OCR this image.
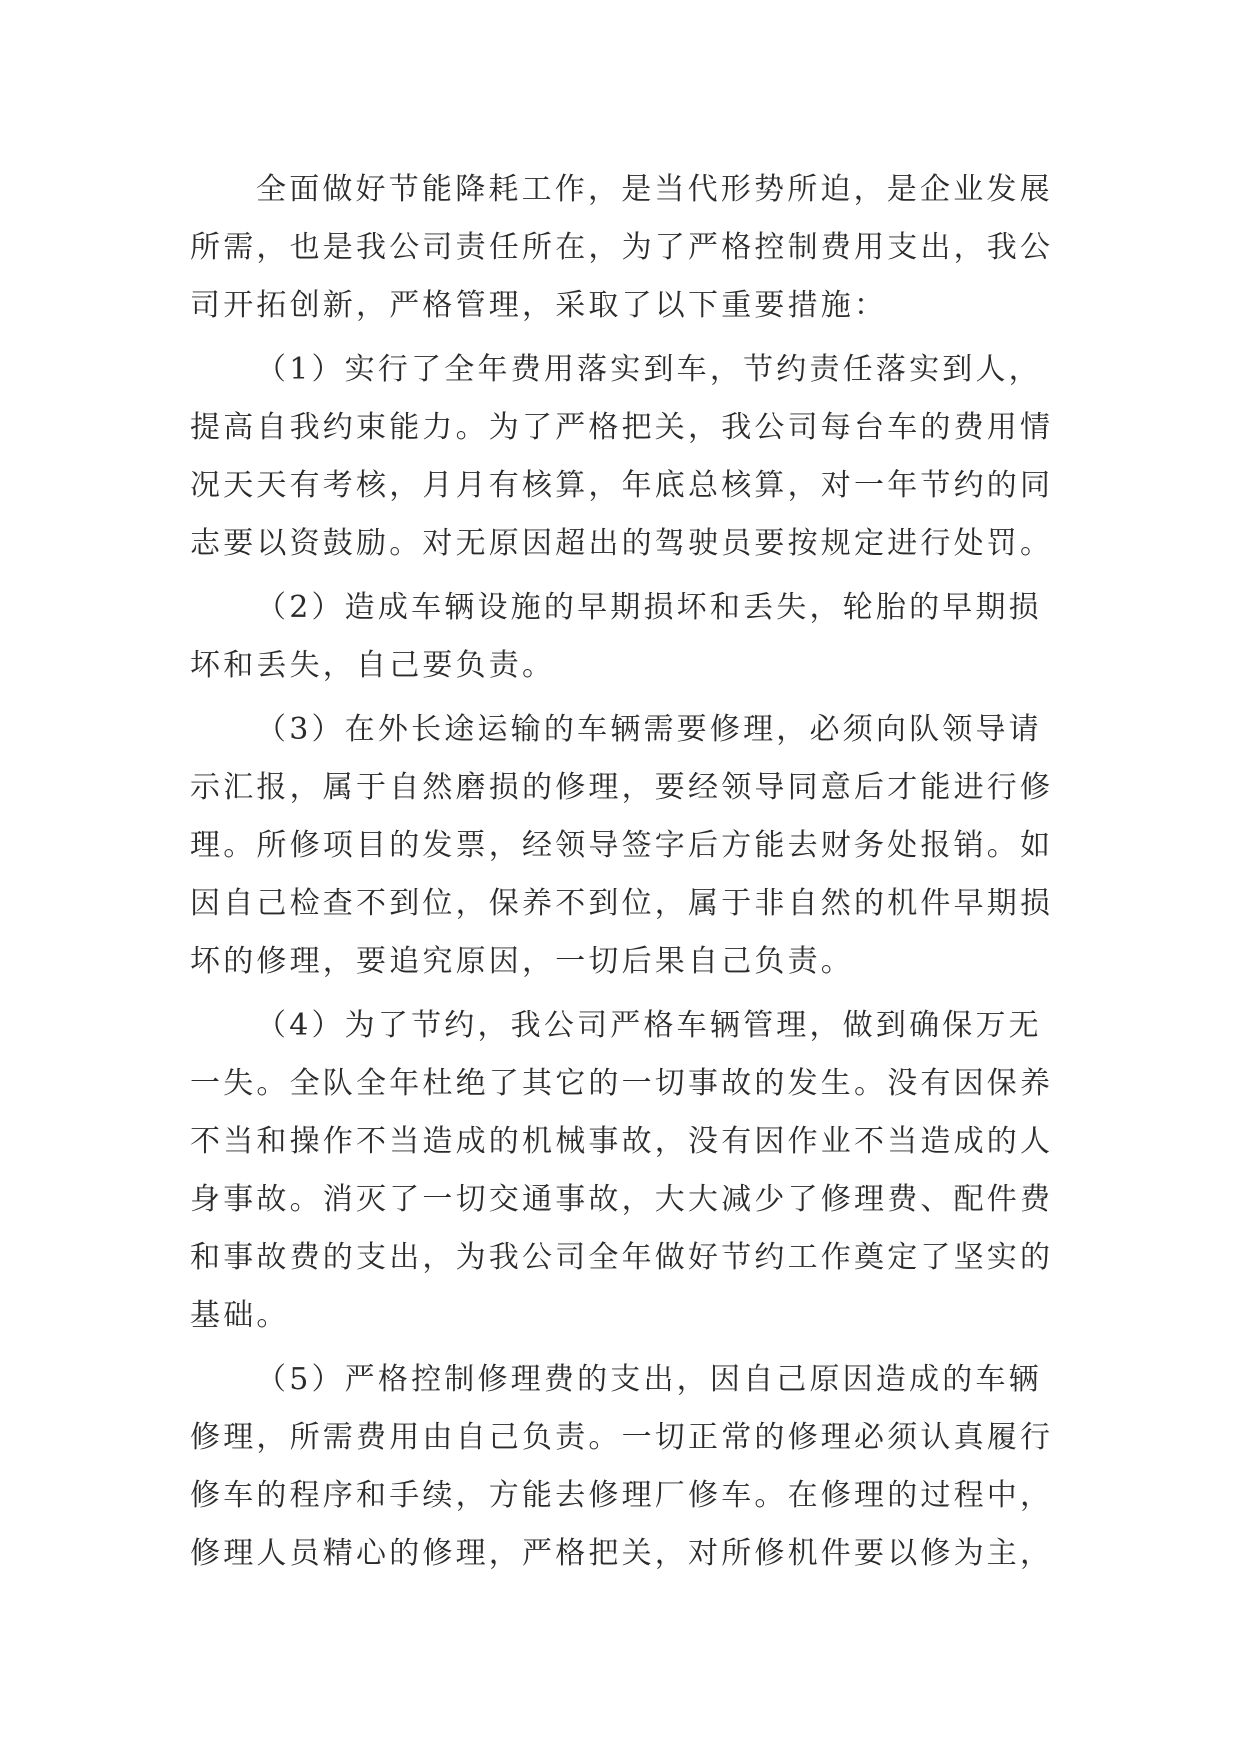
全面做好节能降耗工作，是当代形势所迫，是企业发展
所需，也是我公司责任所在，为了严格控制费用支出，我公
司开拓创新，严格管理，采取了以下重要措施：
（1）实行了全年费用落实到车，节约责任落实到人，
提高自我约束能力。为了严格把关，我公司每台车的费用情
况天天有考核，月月有核算，年底总核算，对一年节约的同
志要以资鼓励。对无原因超出的驾驶员要按规定进行处罚。
（2）造成车辆设施的早期损坏和丢失，轮胎的早期损
坏和丢失，自己要负责。
（3）在外长途运输的车辆需要修理，必须向队领导请
示汇报，属于自然磨损的修理，要经领导同意后才能进行修
理。所修项目的发票，经领导签字后方能去财务处报销。如
因自己检查不到位，保养不到位，属于非自然的机件早期损
坏的修理，要追究原因，一切后果自己负责。
（4）为了节约，我公司严格车辆管理，做到确保万无
一失。全队全年杜绝了其它的一切事故的发生。没有因保养
不当和操作不当造成的机械事故，没有因作业不当造成的人
身事故。消灭了一切交通事故，大大减少了修理费、配件费
和事故费的支出，为我公司全年做好节约工作奠定了坚实的
基础。
（5）严格控制修理费的支出，因自己原因造成的车辆
修理，所需费用由自己负责。一切正常的修理必须认真履行
修车的程序和手续，方能去修理厂修车。在修理的过程中，
修理人员精心的修理，严格把关，对所修机件要以修为主，
